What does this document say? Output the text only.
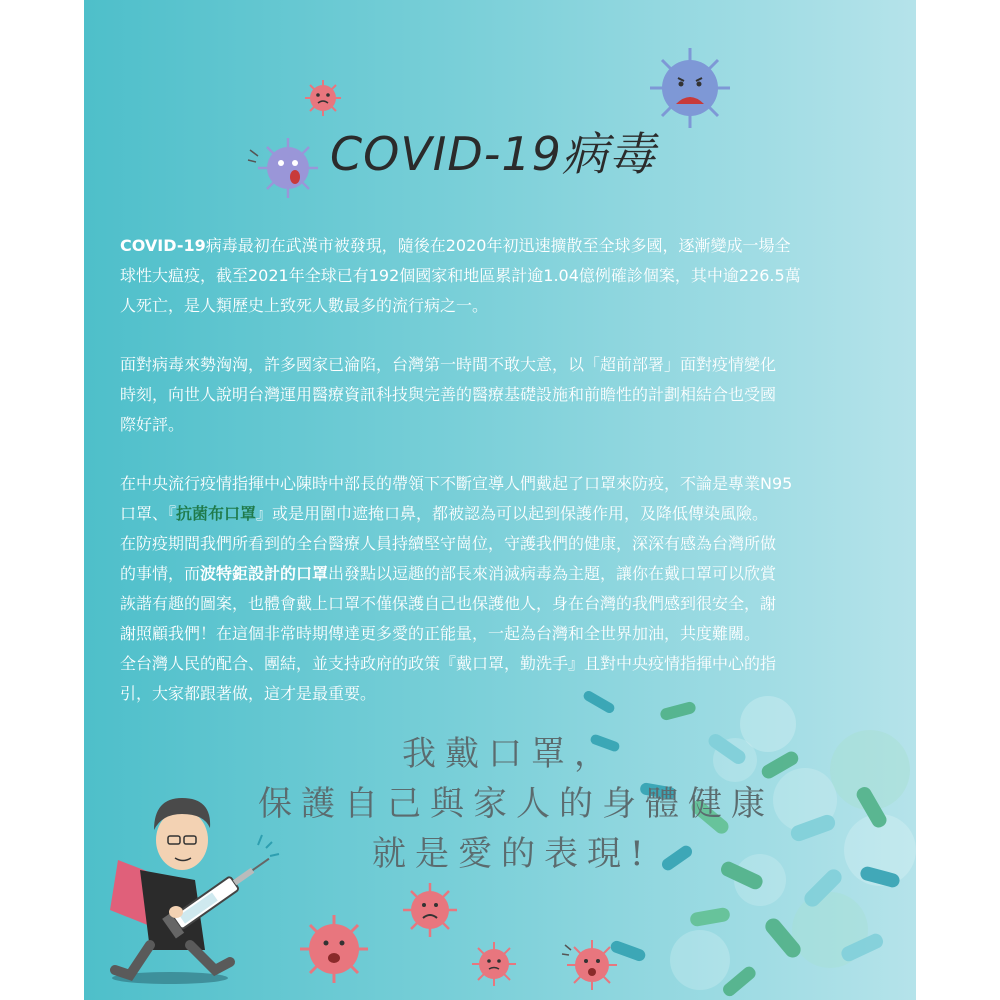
COVID-19病毒
COVID-19病毒最初在武漢市被發現，隨後在2020年初迅速擴散至全球多國，逐漸變成一場全
球性大瘟疫，截至2021年全球已有192個國家和地區累計逾1.04億例確診個案，其中逾226.5萬
人死亡，是人類歷史上致死人數最多的流行病之一。
面對病毒來勢洶洶，許多國家已淪陷，台灣第一時間不敢大意，以「超前部署」面對疫情變化
時刻，向世人說明台灣運用醫療資訊科技與完善的醫療基礎設施和前瞻性的計劃相結合也受國
際好評。
在中央流行疫情指揮中心陳時中部長的帶領下不斷宣導人們戴起了口罩來防疫，不論是專業N95
口罩、『抗菌布口罩』或是用圍巾遮掩口鼻，都被認為可以起到保護作用，及降低傳染風險。
在防疫期間我們所看到的全台醫療人員持續堅守崗位，守護我們的健康，深深有感為台灣所做
的事情，而波特鉅設計的口罩出發點以逗趣的部長來消滅病毒為主題，讓你在戴口罩可以欣賞
詼諧有趣的圖案，也體會戴上口罩不僅保護自己也保護他人，身在台灣的我們感到很安全，謝
謝照顧我們！在這個非常時期傳達更多愛的正能量，一起為台灣和全世界加油，共度難關。
全台灣人民的配合、團結，並支持政府的政策『戴口罩，勤洗手』且對中央疫情指揮中心的指
引，大家都跟著做，這才是最重要。
我戴口罩，
保護自己與家人的身體健康
就是愛的表現!
